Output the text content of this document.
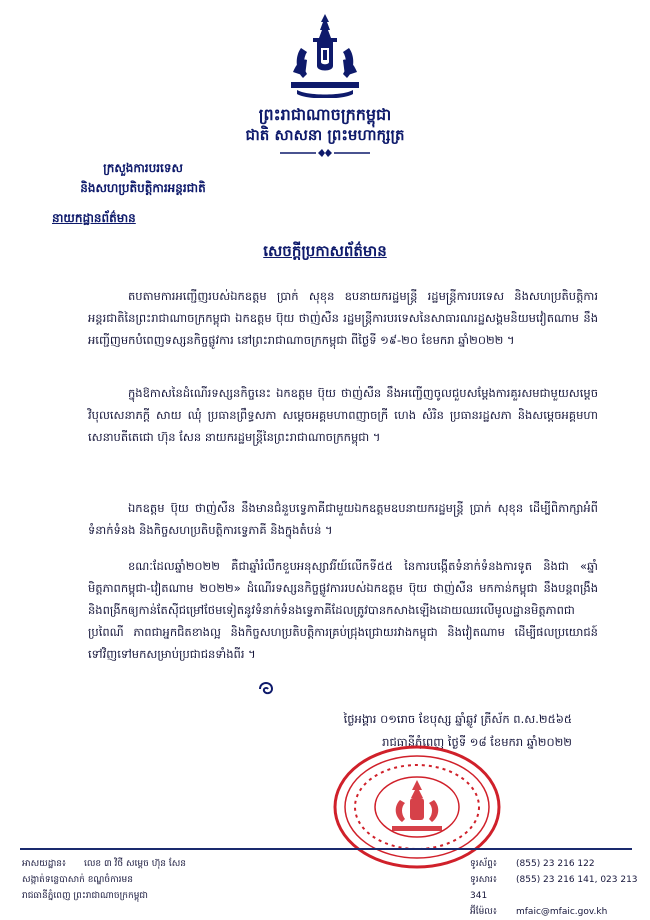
ព្រះរាជាណាចក្រកម្ពុជា
ជាតិ សាសនា ព្រះមហាក្សត្រ
ក្រសួងការបរទេស
និងសហប្រតិបត្តិការអន្តរជាតិ
នាយកដ្ឋានព័ត៌មាន
សេចក្តីប្រកាសព័ត៌មាន

តបតាមការអញ្ជើញរបស់ឯកឧត្តម ប្រាក់ សុខុន ឧបនាយករដ្ឋមន្ត្រី រដ្ឋមន្ត្រីការបរទេស និងសហប្រតិបត្តិការអន្តរជាតិនៃព្រះរាជាណាចក្រកម្ពុជា ឯកឧត្តម ប៊ុយ ថាញ់សឺន រដ្ឋមន្ត្រីការបរទេសនៃសាធារណរដ្ឋសង្គមនិយមវៀតណាម នឹងអញ្ជើញមកបំពេញទស្សនកិច្ចផ្លូវការ នៅព្រះរាជាណាចក្រកម្ពុជា ពីថ្ងៃទី ១៩-២០ ខែមករា ឆ្នាំ២០២២ ។

ក្នុងឱកាសនៃដំណើរទស្សនកិច្ចនេះ ឯកឧត្តម ប៊ុយ ថាញ់សឺន នឹងអញ្ជើញចូលជួបសម្តែងការគួរសមជាមួយសម្តេចវិបុលសេនាភក្តី សាយ ឈុំ ប្រធានព្រឹទ្ធសភា សម្តេចអគ្គមហាពញាចក្រី ហេង សំរិន ប្រធានរដ្ឋសភា និងសម្តេចអគ្គមហាសេនាបតីតេជោ ហ៊ុន សែន នាយករដ្ឋមន្ត្រីនៃព្រះរាជាណាចក្រកម្ពុជា ។

ឯកឧត្តម ប៊ុយ ថាញ់សឺន នឹងមានជំនួបទ្វេភាគីជាមួយឯកឧត្តមឧបនាយករដ្ឋមន្ត្រី ប្រាក់ សុខុន ដើម្បីពិភាក្សាអំពីទំនាក់ទំនង និងកិច្ចសហប្រតិបត្តិការទ្វេភាគី និងក្នុងតំបន់ ។

ខណៈដែលឆ្នាំ២០២២ គឺជាឆ្នាំរំលឹកខួបអនុស្សាវរីយ៍លើកទី៥៥ នៃការបង្កើតទំនាក់ទំនងការទូត និងជា «ឆ្នាំមិត្តភាពកម្ពុជា-វៀតណាម ២០២២» ដំណើរទស្សនកិច្ចផ្លូវការរបស់ឯកឧត្តម ប៊ុយ ថាញ់សឺន មកកាន់កម្ពុជា នឹងបន្តពង្រឹង និងពង្រីកឲ្យកាន់តែស៊ីជម្រៅថែមទៀតនូវទំនាក់ទំនងទ្វេភាគីដែលត្រូវបានកសាងឡើងដោយឈរលើមូលដ្ឋានមិត្តភាពជាប្រពៃណី ភាពជាអ្នកជិតខាងល្អ និងកិច្ចសហប្រតិបត្តិការគ្រប់ជ្រុងជ្រោយរវាងកម្ពុជា និងវៀតណាម ដើម្បីផលប្រយោជន៍ទៅវិញទៅមកសម្រាប់ប្រជាជនទាំងពីរ ។

ថ្ងៃអង្គារ ០១រោច ខែបុស្ស ឆ្នាំឆ្លូវ ត្រីស័ក ព.ស.២៥៦៥
រាជធានីភ្នំពេញ ថ្ងៃទី ១៨ ខែមករា ឆ្នាំ២០២២
អាសយដ្ឋាន៖ លេខ ៣ វិថី សម្តេច ហ៊ុន សែន
សង្កាត់ទន្លេបាសាក់ ខណ្ឌចំការមន
រាជធានីភ្នំពេញ ព្រះរាជាណាចក្រកម្ពុជា
ទូរស័ព្ទ៖ (855) 23 216 122
ទូរសារ៖ (855) 23 216 141, 023 213 341
អ៊ីម៉ែល៖ mfaic@mfaic.gov.kh
